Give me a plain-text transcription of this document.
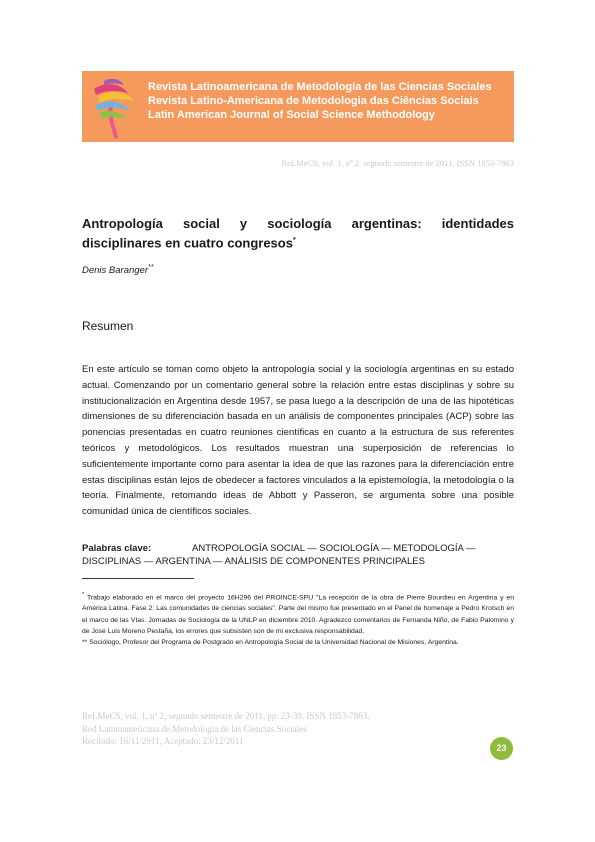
Revista Latinoamericana de Metodología de las Ciencias Sociales
Revista Latino-Americana de Metodologia das Ciências Sociais
Latin American Journal of Social Science Methodology
ReLMeCS, vol. 1, nº 2, segundo semestre de 2011. ISSN 1853-7863
Antropología social y sociología argentinas: identidades disciplinares en cuatro congresos*
Denis Baranger**
Resumen
En este artículo se toman como objeto la antropología social y la sociología argentinas en su estado actual. Comenzando por un comentario general sobre la relación entre estas disciplinas y sobre su institucionalización en Argentina desde 1957, se pasa luego a la descripción de una de las hipotéticas dimensiones de su diferenciación basada en un análisis de componentes principales (ACP) sobre las ponencias presentadas en cuatro reuniones científicas en cuanto a la estructura de sus referentes teóricos y metodológicos. Los resultados muestran una superposición de referencias lo suficientemente importante como para asentar la idea de que las razones para la diferenciación entre estas disciplinas están lejos de obedecer a factores vinculados a la epistemología, la metodología o la teoría. Finalmente, retomando ideas de Abbott y Passeron, se argumenta sobre una posible comunidad única de científicos sociales.
Palabras clave:	ANTROPOLOGÍA SOCIAL — SOCIOLOGÍA — METODOLOGÍA —
DISCIPLINAS — ARGENTINA — ANÁLISIS DE COMPONENTES PRINCIPALES

* Trabajo elaborado en el marco del proyecto 16H296 del PROINCE-SPU "La recepción de la obra de Pierre Bourdieu en Argentina y en América Latina. Fase 2: Las comunidades de ciencias sociales". Parte del mismo fue presentado en el Panel de homenaje a Pedro Krotsch en el marco de las VIas. Jornadas de Sociología de la UNLP en diciembre 2010. Agradezco comentarios de Fernanda Niño, de Fabio Palomino y de José Luis Moreno Pestaña, los errores que subsisten son de mi exclusiva responsabilidad.

** Sociólogo, Profesor del Programa de Postgrado en Antropología Social de la Universidad Nacional de Misiones, Argentina.

ReLMeCS, vol. 1, nº 2, segundo semestre de 2011, pp. 23-39. ISSN 1853-7863.
Red Latinoamericana de Metodología de las Ciencias Sociales
Recibido: 16/11/2011, Aceptado: 23/12/2011
23
